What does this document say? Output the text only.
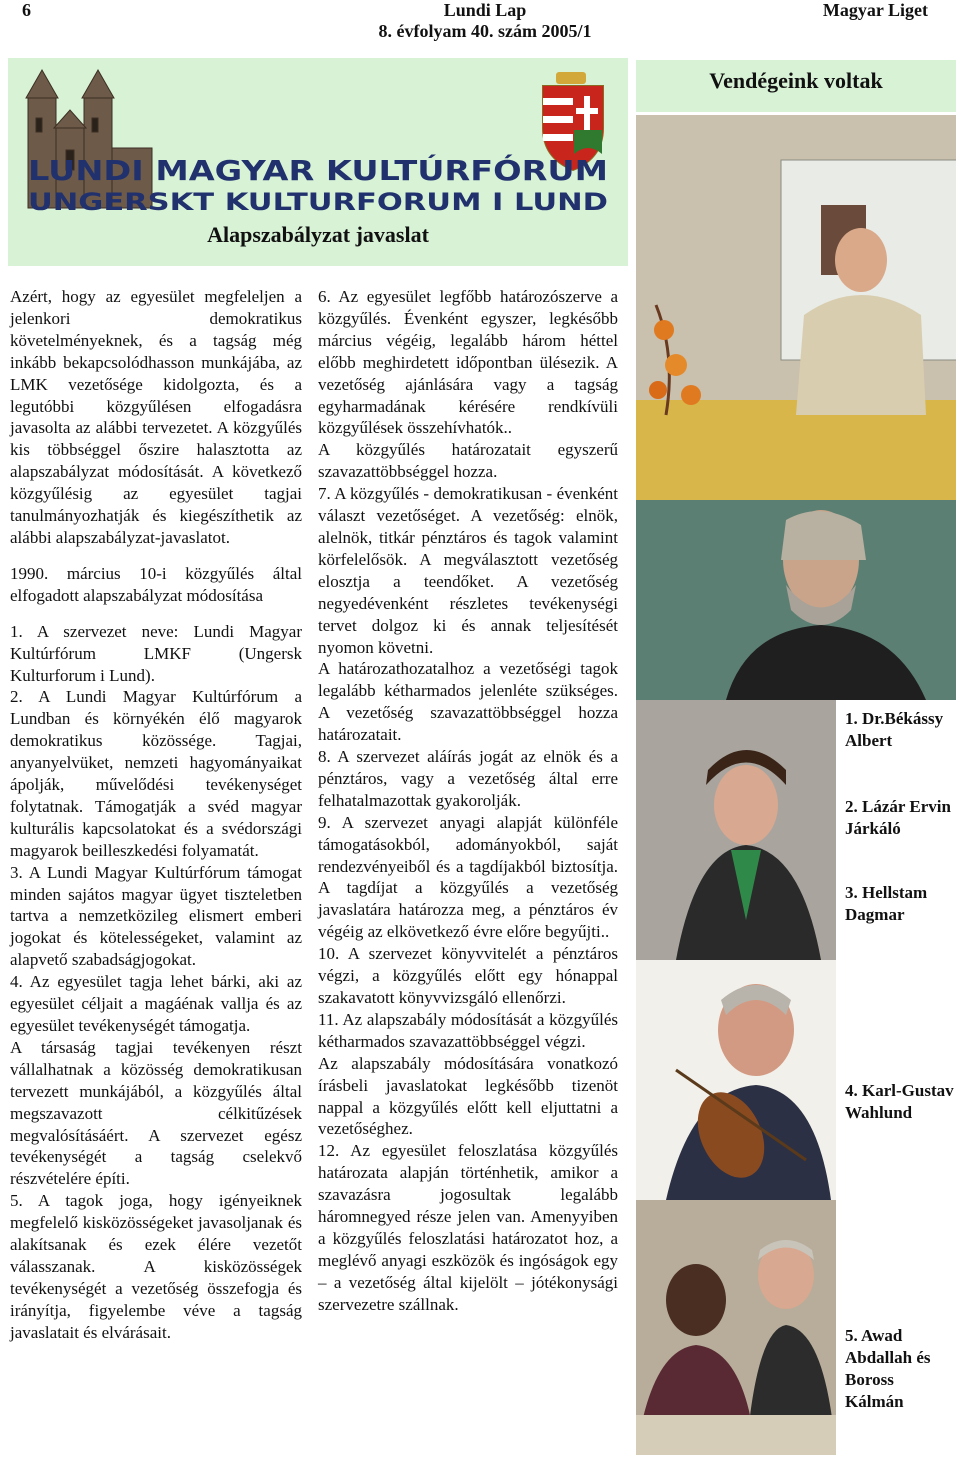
6	Lundi Lap
8. évfolyam 40. szám 2005/1
Magyar Liget
Vendégeink voltak
LUNDI MAGYAR KULTÚRFÓRUM
UNGERSKT KULTURFORUM I LUND
Alapszabályzat javaslat

Azért, hogy az egyesület megfeleljen a jelenkori demokratikus követelményeknek, és a tagság még inkább bekapcsolódhasson munkájába, az LMK vezetősége kidolgozta, és a legutóbbi közgyűlésen elfogadásra javasolta az alábbi tervezetet. A közgyűlés kis többséggel őszire halasztotta az alapszabályzat módosítását. A következő közgyűlésig az egyesület tagjai tanulmányozhatják és kiegészíthetik az alábbi alapszabályzat-javaslatot.

1990. március 10-i közgyűlés által elfogadott alapszabályzat módosítása

1. A szervezet neve: Lundi Magyar Kultúrfórum LMKF (Ungersk Kulturforum i Lund).

2. A Lundi Magyar Kultúrfórum a Lundban és környékén élő magyarok demokratikus közössége. Tagjai, anyanyelvüket, nemzeti hagyományaikat ápolják, művelődési tevékenységet folytatnak. Támogatják a svéd magyar kulturális kapcsolatokat és a svédországi magyarok beilleszkedési folyamatát.

3. A Lundi Magyar Kultúrfórum támogat minden sajátos magyar ügyet tiszteletben tartva a nemzetközileg elismert emberi jogokat és kötelességeket, valamint az alapvető szabadságjogokat.

4. Az egyesület tagja lehet bárki, aki az egyesület céljait a magáénak vallja és az egyesület tevékenységét támogatja.

A társaság tagjai tevékenyen részt vállalhatnak a közösség demokratikusan tervezett munkájából, a közgyűlés által megszavazott célkitűzések megvalósításáért. A szervezet egész tevékenységét a tagság cselekvő részvételére építi.

5. A tagok joga, hogy igényeiknek megfelelő kisközösségeket javasoljanak és alakítsanak és ezek élére vezetőt válasszanak. A kisközösségek tevékenységét a vezetőség összefogja és irányítja, figyelembe véve a tagság javaslatait és elvárásait.

6. Az egyesület legfőbb határozószerve a közgyűlés. Évenként egyszer, legkésőbb március végéig, legalább három héttel előbb meghirdetett időpontban ülésezik. A vezetőség ajánlására vagy a tagság egyharmadának kérésére rendkívüli közgyűlések összehívhatók..

A közgyűlés határozatait egyszerű szavazattöbbséggel hozza.

7. A közgyűlés - demokratikusan - évenként választ vezetőséget. A vezetőség: elnök, alelnök, titkár pénztáros és tagok valamint körfelelősök. A megválasztott vezetőség elosztja a teendőket. A vezetőség negyedévenként részletes tevékenységi tervet dolgoz ki és annak teljesítését nyomon követni.

A határozathozatalhoz a vezetőségi tagok legalább kétharmados jelenléte szükséges. A vezetőség szavazattöbbséggel hozza határozatait.

8. A szervezet aláírás jogát az elnök és a pénztáros, vagy a vezetőség által erre felhatalmazottak gyakorolják.

9. A szervezet anyagi alapját különféle támogatásokból, adományokból, saját rendezvényeiből és a tagdíjakból biztosítja. A tagdíjat a közgyűlés a vezetőség javaslatára határozza meg, a pénztáros év végéig az elkövetkező évre előre begyűjti..

10. A szervezet könyvvitelét a pénztáros végzi, a közgyűlés előtt egy hónappal szakavatott könyvvizsgáló ellenőrzi.

11. Az alapszabály módosítását a közgyűlés kétharmados szavazattöbbséggel végzi.

Az alapszabály módosítására vonatkozó írásbeli javaslatokat legkésőbb tizenöt nappal a közgyűlés előtt kell eljuttatni a vezetőséghez.

12. Az egyesület feloszlatása közgyűlés határozata alapján történhetik, amikor a szavazásra jogosultak legalább háromnegyed része jelen van. Amenyyiben a közgyűlés feloszlatási határozatot hoz, a meglévő anyagi eszközök és ingóságok egy – a vezetőség által kijelölt – jótékonysági szervezetre szállnak.

1. Dr.Békássy Albert
2. Lázár Ervin Járkáló
3. Hellstam Dagmar
4. Karl-Gustav Wahlund
5. Awad Abdallah és Boross Kálmán
